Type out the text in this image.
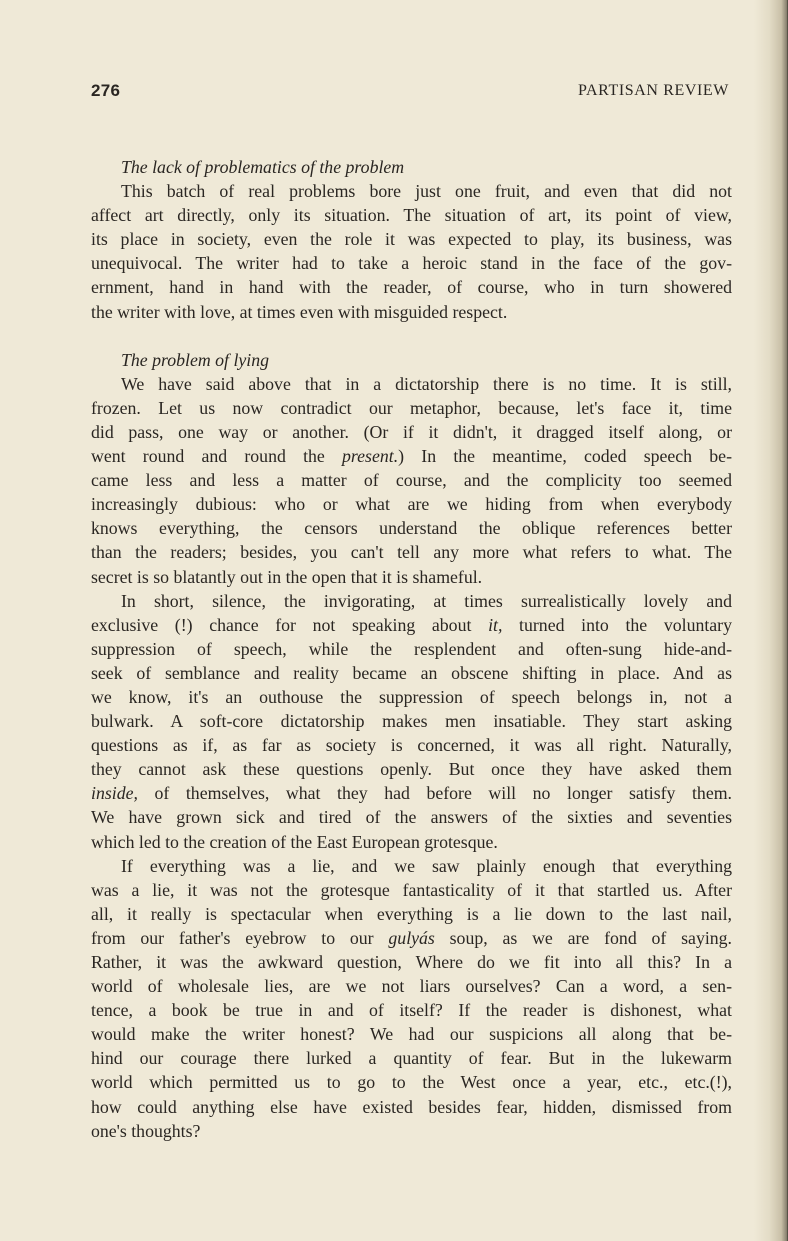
276	PARTISAN REVIEW
The lack of problematics of the problem
This batch of real problems bore just one fruit, and even that did not
affect art directly, only its situation. The situation of art, its point of view,
its place in society, even the role it was expected to play, its business, was
unequivocal. The writer had to take a heroic stand in the face of the gov-
ernment, hand in hand with the reader, of course, who in turn showered
the writer with love, at times even with misguided respect.
The problem of lying
We have said above that in a dictatorship there is no time. It is still,
frozen. Let us now contradict our metaphor, because, let's face it, time
did pass, one way or another. (Or if it didn't, it dragged itself along, or
went round and round the present.) In the meantime, coded speech be-
came less and less a matter of course, and the complicity too seemed
increasingly dubious: who or what are we hiding from when everybody
knows everything, the censors understand the oblique references better
than the readers; besides, you can't tell any more what refers to what. The
secret is so blatantly out in the open that it is shameful.
In short, silence, the invigorating, at times surrealistically lovely and
exclusive (!) chance for not speaking about it, turned into the voluntary
suppression of speech, while the resplendent and often-sung hide-and-
seek of semblance and reality became an obscene shifting in place. And as
we know, it's an outhouse the suppression of speech belongs in, not a
bulwark. A soft-core dictatorship makes men insatiable. They start asking
questions as if, as far as society is concerned, it was all right. Naturally,
they cannot ask these questions openly. But once they have asked them
inside, of themselves, what they had before will no longer satisfy them.
We have grown sick and tired of the answers of the sixties and seventies
which led to the creation of the East European grotesque.
If everything was a lie, and we saw plainly enough that everything
was a lie, it was not the grotesque fantasticality of it that startled us. After
all, it really is spectacular when everything is a lie down to the last nail,
from our father's eyebrow to our gulyás soup, as we are fond of saying.
Rather, it was the awkward question, Where do we fit into all this? In a
world of wholesale lies, are we not liars ourselves? Can a word, a sen-
tence, a book be true in and of itself? If the reader is dishonest, what
would make the writer honest? We had our suspicions all along that be-
hind our courage there lurked a quantity of fear. But in the lukewarm
world which permitted us to go to the West once a year, etc., etc.(!),
how could anything else have existed besides fear, hidden, dismissed from
one's thoughts?
